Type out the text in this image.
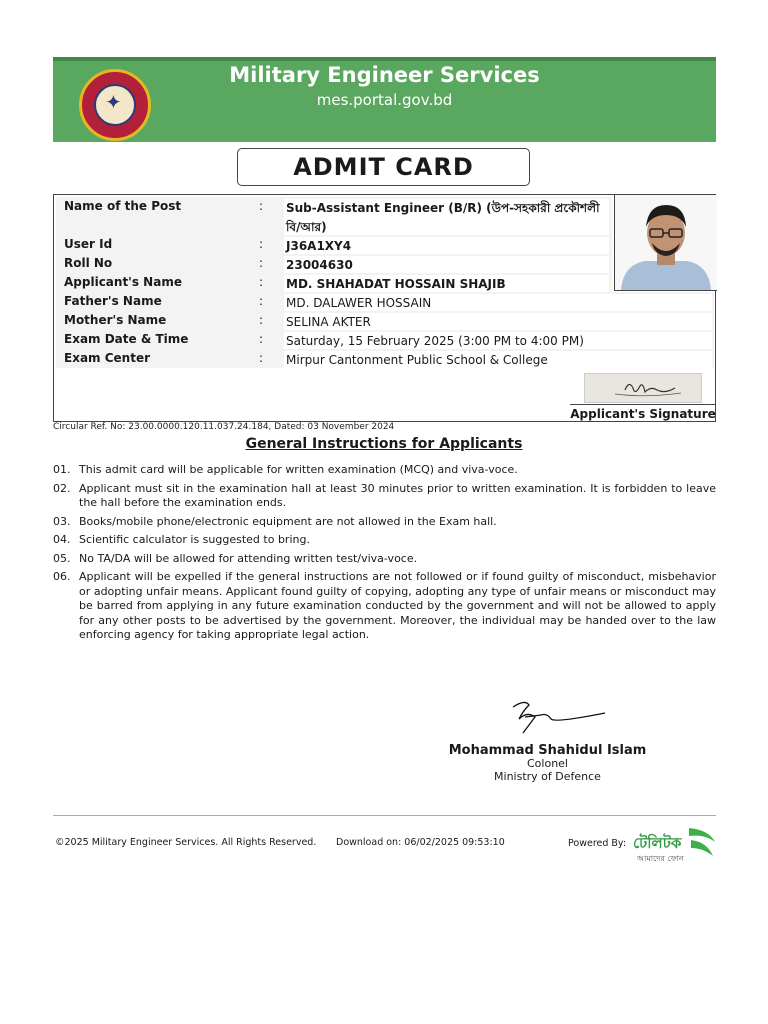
✦
Military Engineer Services
mes.portal.gov.bd
ADMIT CARD
Name of the Post	: Sub-Assistant Engineer (B/R) (উপ-সহকারী প্রকৌশলী বি/আর)
User Id	: J36A1XY4
Roll No	: 23004630
Applicant's Name	: MD. SHAHADAT HOSSAIN SHAJIB
Father's Name	: MD. DALAWER HOSSAIN
Mother's Name	: SELINA AKTER
Exam Date & Time	: Saturday, 15 February 2025 (3:00 PM to 4:00 PM)
Exam Center	: Mirpur Cantonment Public School & College
Applicant's Signature
Circular Ref. No: 23.00.0000.120.11.037.24.184, Dated: 03 November 2024
General Instructions for Applicants
01. This admit card will be applicable for written examination (MCQ) and viva-voce.
02. Applicant must sit in the examination hall at least 30 minutes prior to written examination. It is forbidden to leave the hall before the examination ends.
03. Books/mobile phone/electronic equipment are not allowed in the Exam hall.
04. Scientific calculator is suggested to bring.
05. No TA/DA will be allowed for attending written test/viva-voce.
06. Applicant will be expelled if the general instructions are not followed or if found guilty of misconduct, misbehavior or adopting unfair means. Applicant found guilty of copying, adopting any type of unfair means or misconduct may be barred from applying in any future examination conducted by the government and will not be allowed to apply for any other posts to be advertised by the government. Moreover, the individual may be handed over to the law enforcing agency for taking appropriate legal action.
Mohammad Shahidul Islam
Colonel
Ministry of Defence
©2025 Military Engineer Services. All Rights Reserved. Download on: 06/02/2025 09:53:10	Powered By: টেলিটক
আমাদের ফোন
